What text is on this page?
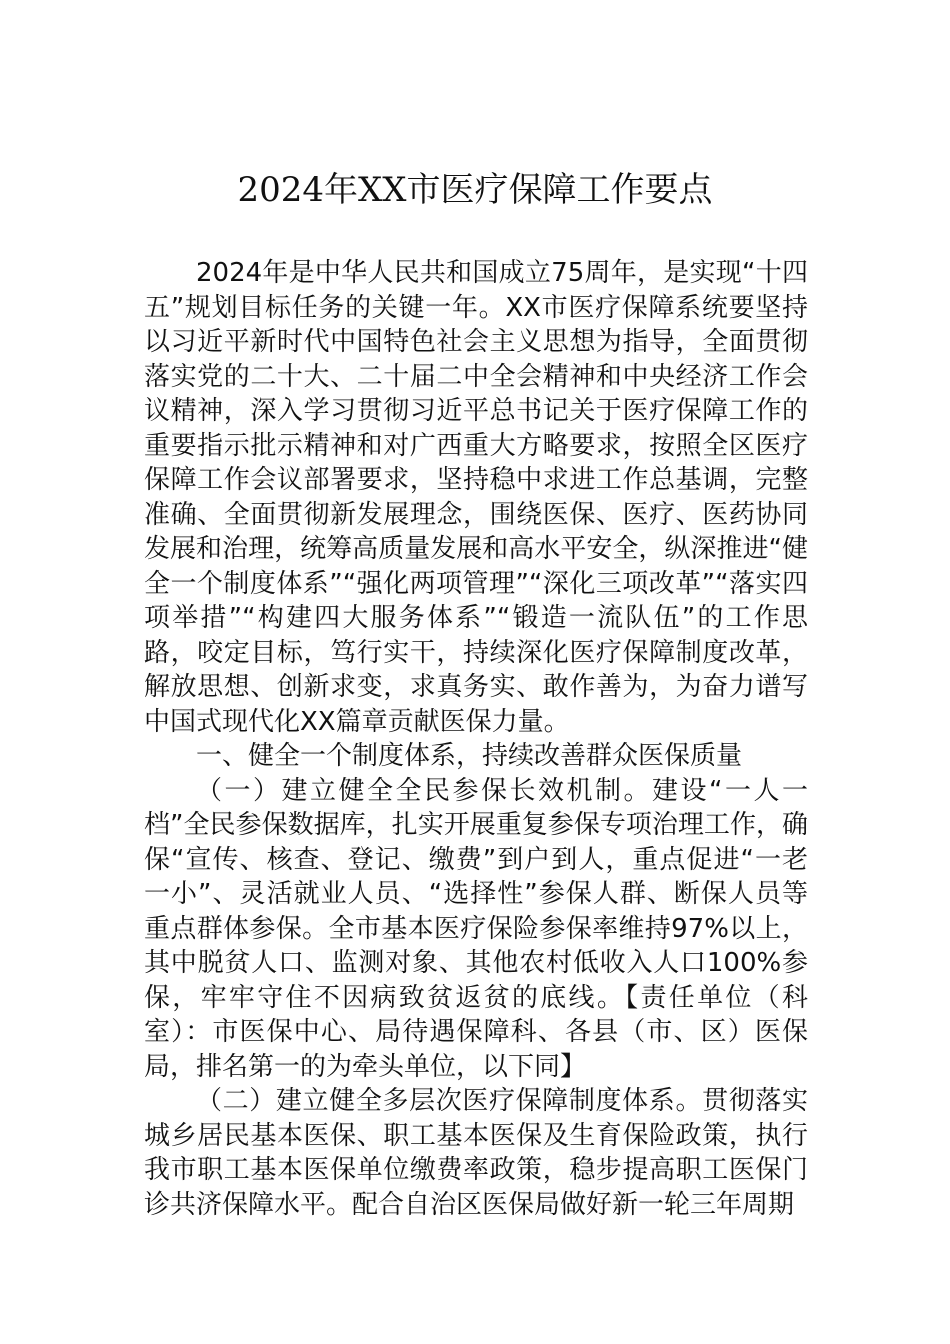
2024年XX市医疗保障工作要点

2024年是中华人民共和国成立75周年，是实现“十四五”规划目标任务的关键一年。XX市医疗保障系统要坚持以习近平新时代中国特色社会主义思想为指导，全面贯彻落实党的二十大、二十届二中全会精神和中央经济工作会议精神，深入学习贯彻习近平总书记关于医疗保障工作的重要指示批示精神和对广西重大方略要求，按照全区医疗保障工作会议部署要求，坚持稳中求进工作总基调，完整准确、全面贯彻新发展理念，围绕医保、医疗、医药协同发展和治理，统筹高质量发展和高水平安全，纵深推进“健全一个制度体系”“强化两项管理”“深化三项改革”“落实四项举措”“构建四大服务体系”“锻造一流队伍”的工作思路，咬定目标，笃行实干，持续深化医疗保障制度改革，解放思想、创新求变，求真务实、敢作善为，为奋力谱写中国式现代化XX篇章贡献医保力量。

一、健全一个制度体系，持续改善群众医保质量

（一）建立健全全民参保长效机制。建设“一人一档”全民参保数据库，扎实开展重复参保专项治理工作，确保“宣传、核查、登记、缴费”到户到人，重点促进“一老一小”、灵活就业人员、“选择性”参保人群、断保人员等重点群体参保。全市基本医疗保险参保率维持97%以上，其中脱贫人口、监测对象、其他农村低收入人口100%参保，牢牢守住不因病致贫返贫的底线。【责任单位（科室）：市医保中心、局待遇保障科、各县（市、区）医保局，排名第一的为牵头单位，以下同】

（二）建立健全多层次医疗保障制度体系。贯彻落实城乡居民基本医保、职工基本医保及生育保险政策，执行我市职工基本医保单位缴费率政策，稳步提高职工医保门诊共济保障水平。配合自治区医保局做好新一轮三年周期
